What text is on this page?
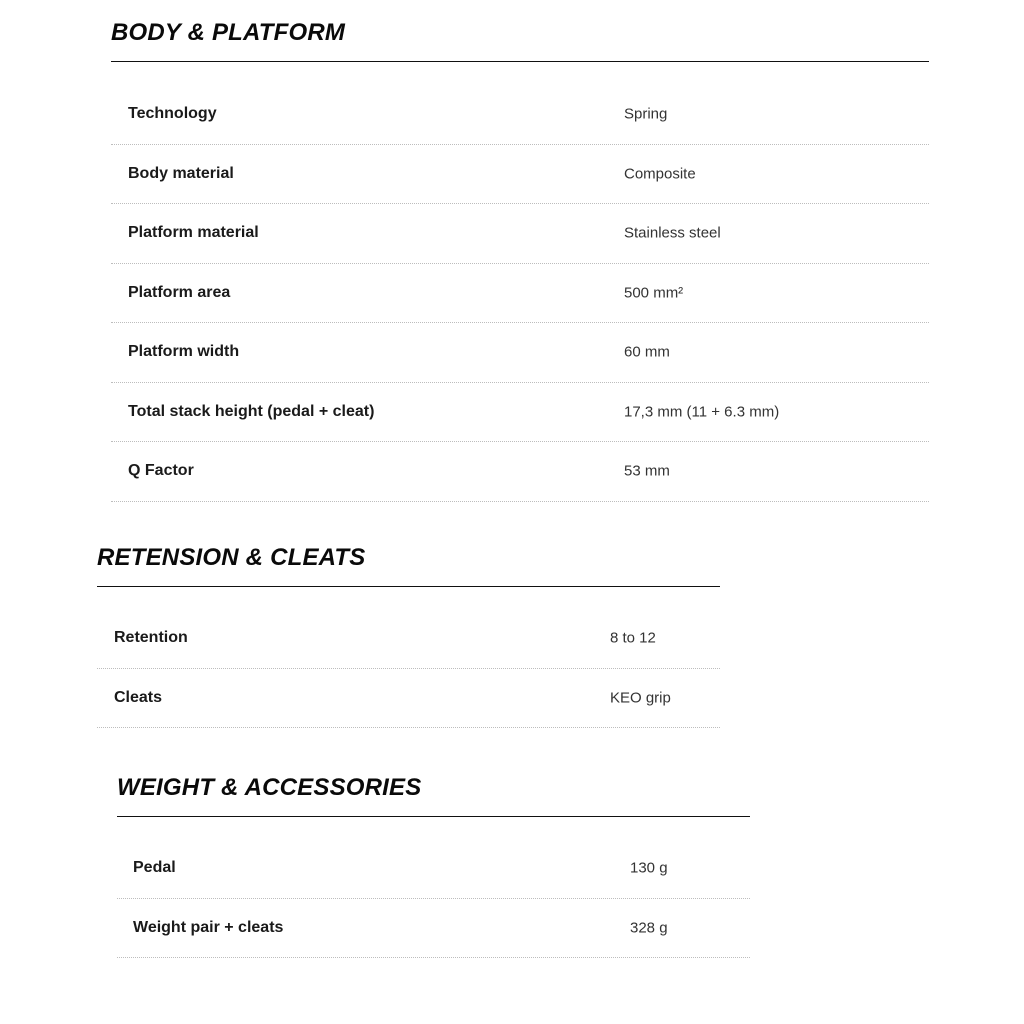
BODY & PLATFORM
Technology	Spring
Body material	Composite
Platform material	Stainless steel
Platform area	500 mm²
Platform width	60 mm
Total stack height (pedal + cleat)	17,3 mm (11 + 6.3 mm)
Q Factor	53 mm
RETENSION & CLEATS
Retention	8 to 12
Cleats	KEO grip
WEIGHT & ACCESSORIES
Pedal	130 g
Weight pair + cleats	328 g
